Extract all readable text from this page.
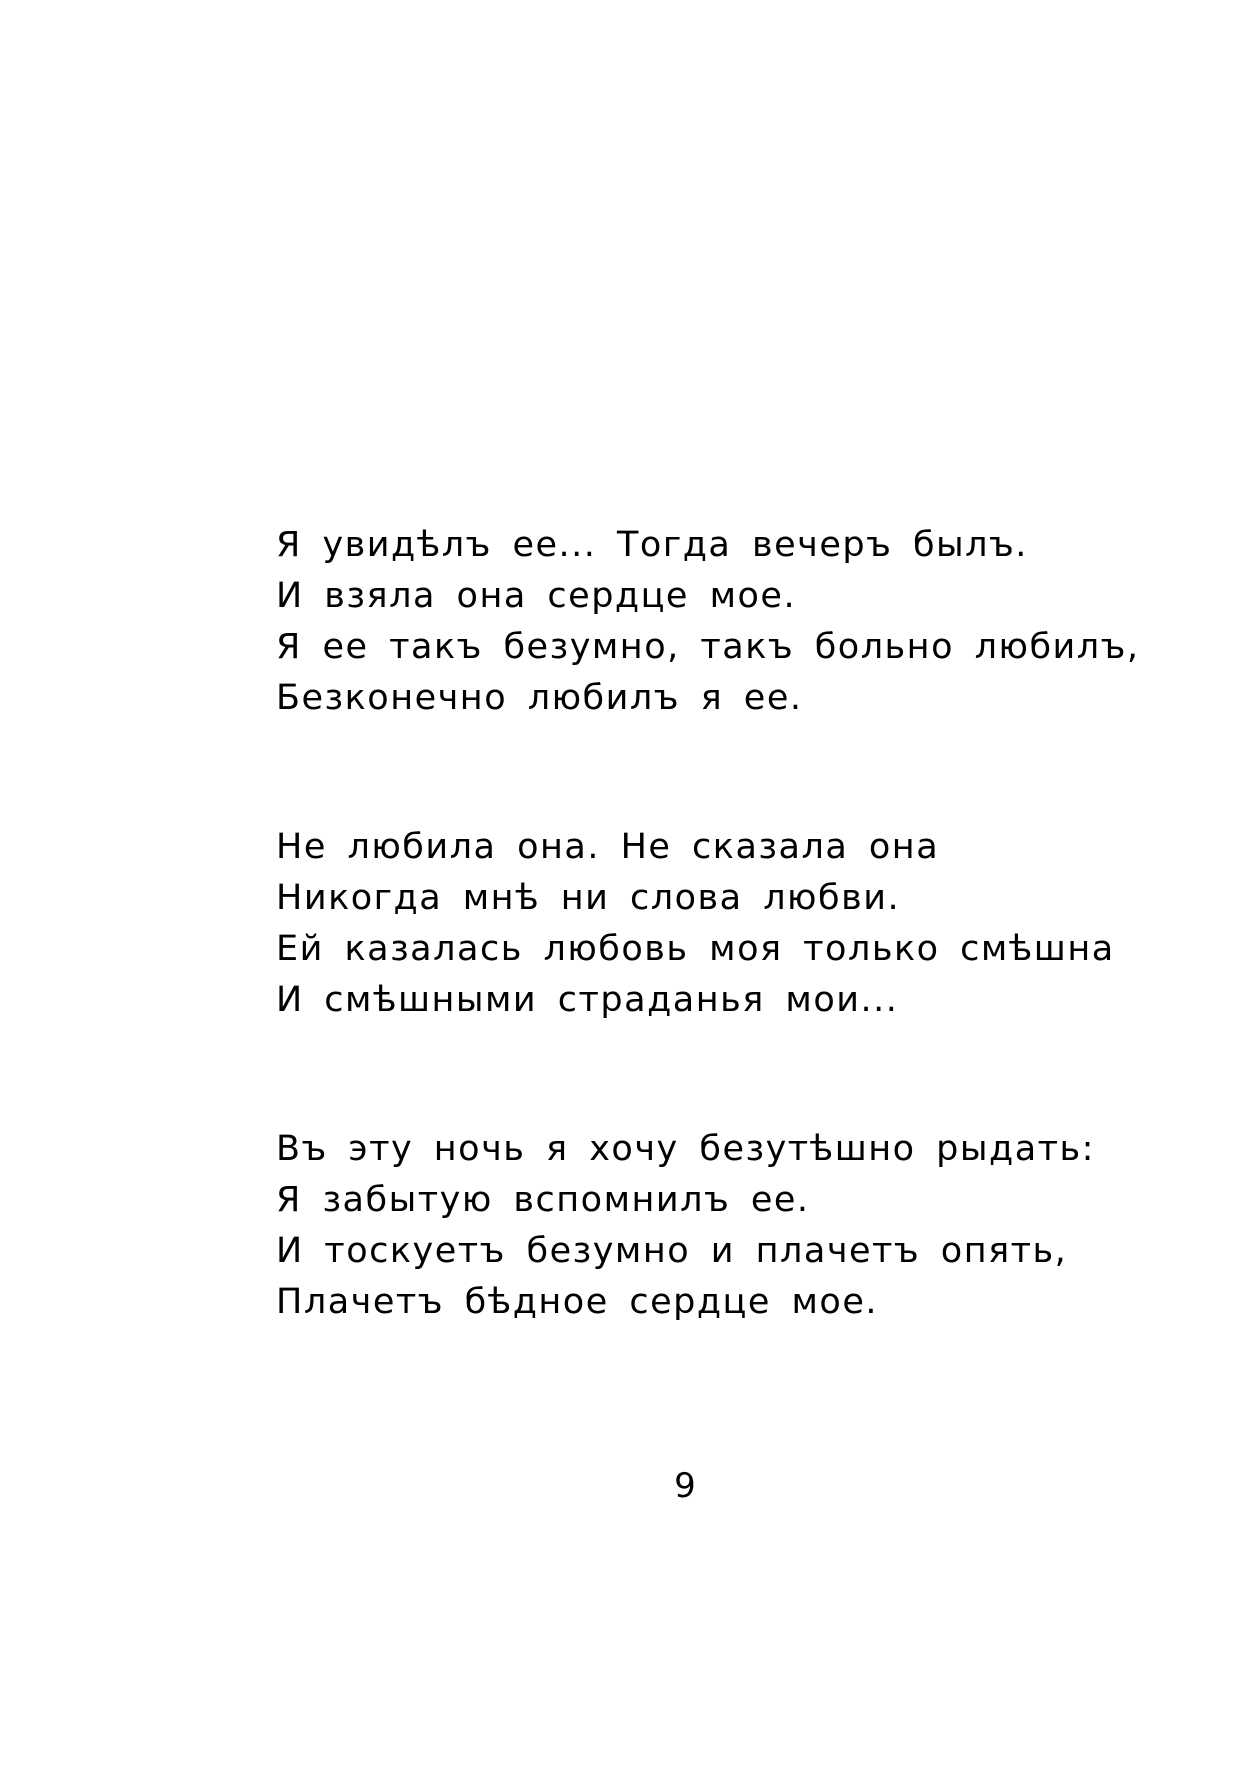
Я увидѣлъ ее... Тогда вечеръ былъ.
И взяла она сердце мое.
Я ее такъ безумно, такъ больно любилъ,
Безконечно любилъ я ее.
Не любила она. Не сказала она
Никогда мнѣ ни слова любви.
Ей казалась любовь моя только смѣшна
И смѣшными страданья мои...
Въ эту ночь я хочу безутѣшно рыдать:
Я забытую вспомнилъ ее.
И тоскуетъ безумно и плачетъ опять,
Плачетъ бѣдное сердце мое.
9
